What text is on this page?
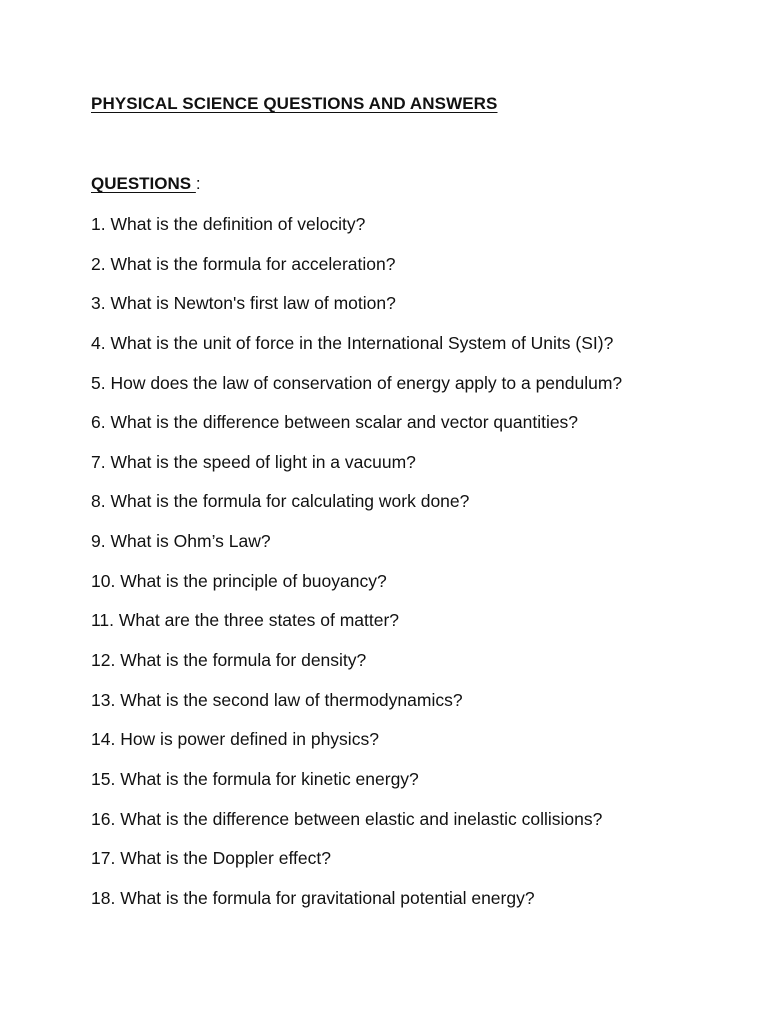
PHYSICAL SCIENCE QUESTIONS AND ANSWERS
QUESTIONS :
1. What is the definition of velocity?
2. What is the formula for acceleration?
3. What is Newton's first law of motion?
4. What is the unit of force in the International System of Units (SI)?
5. How does the law of conservation of energy apply to a pendulum?
6. What is the difference between scalar and vector quantities?
7. What is the speed of light in a vacuum?
8. What is the formula for calculating work done?
9. What is Ohm’s Law?
10. What is the principle of buoyancy?
11. What are the three states of matter?
12. What is the formula for density?
13. What is the second law of thermodynamics?
14. How is power defined in physics?
15. What is the formula for kinetic energy?
16. What is the difference between elastic and inelastic collisions?
17. What is the Doppler effect?
18. What is the formula for gravitational potential energy?
